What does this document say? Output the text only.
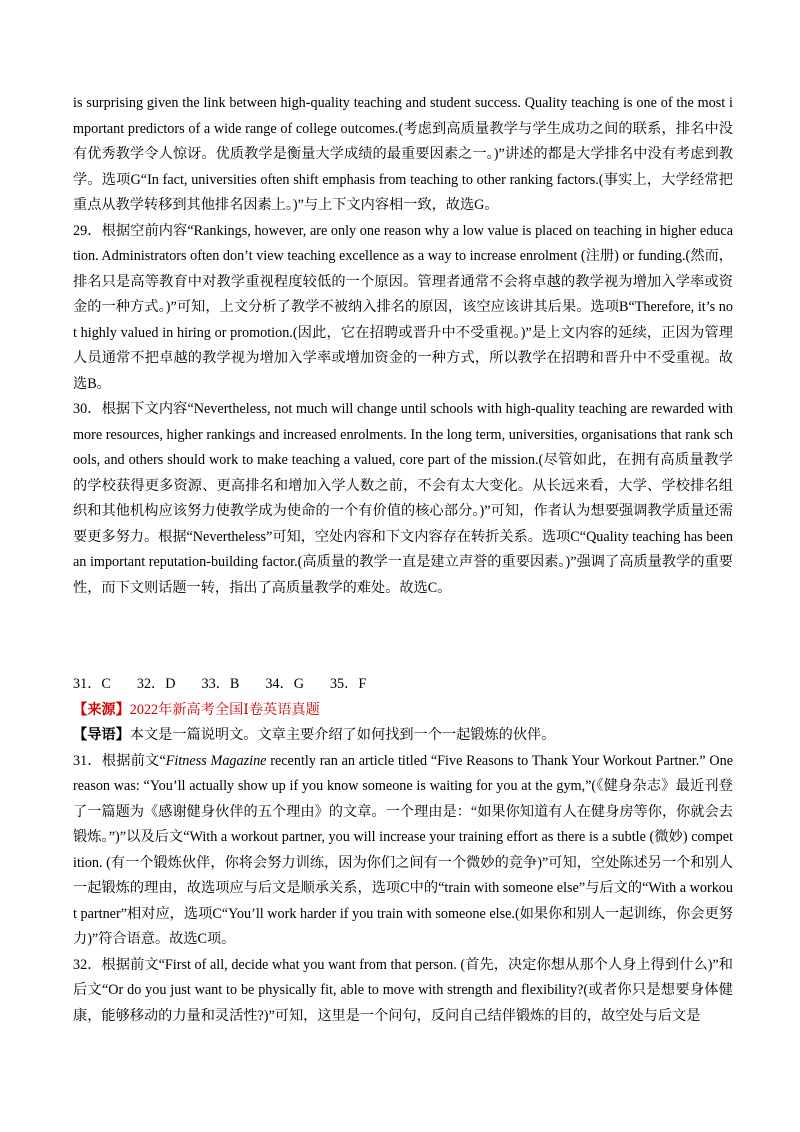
is surprising given the link between high-quality teaching and student success. Quality teaching is one of the most important predictors of a wide range of college outcomes.(考虑到高质量教学与学生成功之间的联系，排名中没有优秀教学令人惊讶。优质教学是衡量大学成绩的最重要因素之一。)”讲述的都是大学排名中没有考虑到教学。选项G“In fact, universities often shift emphasis from teaching to other ranking factors.(事实上，大学经常把重点从教学转移到其他排名因素上。)”与上下文内容相一致，故选G。

29．根据空前内容“Rankings, however, are only one reason why a low value is placed on teaching in higher education. Administrators often don’t view teaching excellence as a way to increase enrolment (注册) or funding.(然而，排名只是高等教育中对教学重视程度较低的一个原因。管理者通常不会将卓越的教学视为增加入学率或资金的一种方式。)”可知，上文分析了教学不被纳入排名的原因，该空应该讲其后果。选项B“Therefore, it’s not highly valued in hiring or promotion.(因此，它在招聘或晋升中不受重视。)”是上文内容的延续，正因为管理人员通常不把卓越的教学视为增加入学率或增加资金的一种方式，所以教学在招聘和晋升中不受重视。故选B。

30．根据下文内容“Nevertheless, not much will change until schools with high-quality teaching are rewarded with more resources, higher rankings and increased enrolments. In the long term, universities, organisations that rank schools, and others should work to make teaching a valued, core part of the mission.(尽管如此，在拥有高质量教学的学校获得更多资源、更高排名和增加入学人数之前，不会有太大变化。从长远来看，大学、学校排名组织和其他机构应该努力使教学成为使命的一个有价值的核心部分。)”可知，作者认为想要强调教学质量还需要更多努力。根据“Nevertheless”可知，空处内容和下文内容存在转折关系。选项C“Quality teaching has been an important reputation-building factor.(高质量的教学一直是建立声誉的重要因素。)”强调了高质量教学的重要性，而下文则话题一转，指出了高质量教学的难处。故选C。

31．C 32．D 33．B 34．G 35．F
【来源】2022年新高考全国Ⅰ卷英语真题

【导语】本文是一篇说明文。文章主要介绍了如何找到一个一起锻炼的伙伴。

31．根据前文“Fitness Magazine recently ran an article titled “Five Reasons to Thank Your Workout Partner.” One reason was: “You’ll actually show up if you know someone is waiting for you at the gym,”(《健身杂志》最近刊登了一篇题为《感谢健身伙伴的五个理由》的文章。一个理由是：“如果你知道有人在健身房等你，你就会去锻炼。”)”以及后文“With a workout partner, you will increase your training effort as there is a subtle (微妙) competition. (有一个锻炼伙伴，你将会努力训练，因为你们之间有一个微妙的竞争)”可知，空处陈述另一个和别人一起锻炼的理由，故选项应与后文是顺承关系，选项C中的“train with someone else”与后文的“With a workout partner”相对应，选项C“You’ll work harder if you train with someone else.(如果你和别人一起训练，你会更努力)”符合语意。故选C项。

32．根据前文“First of all, decide what you want from that person. (首先，决定你想从那个人身上得到什么)”和后文“Or do you just want to be physically fit, able to move with strength and flexibility?(或者你只是想要身体健康，能够移动的力量和灵活性?)”可知，这里是一个问句，反问自己结伴锻炼的目的，故空处与后文是
